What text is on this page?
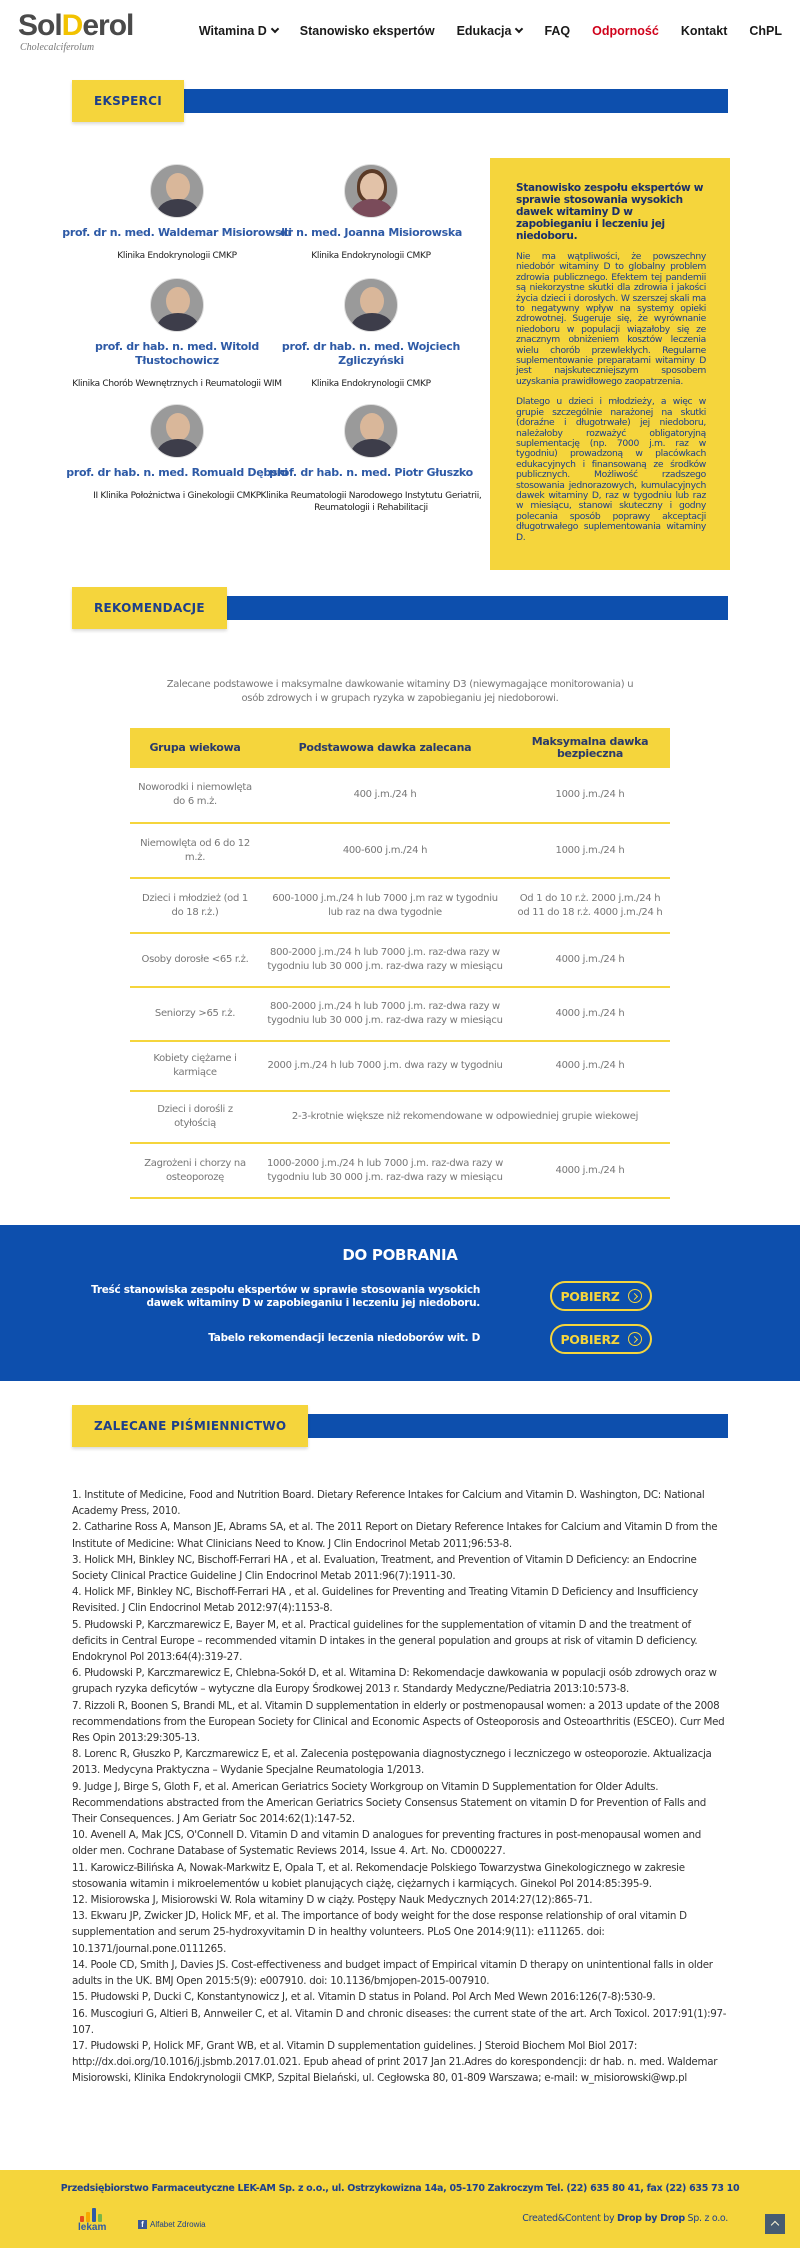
SolDerol
Cholecalciferolum
Witamina D	Stanowisko ekspertów Edukacja	FAQ Odporność Kontakt ChPL
EKSPERCI
prof. dr n. med. Waldemar Misiorowski
Klinika Endokrynologii CMKP
dr n. med. Joanna Misiorowska
Klinika Endokrynologii CMKP
prof. dr hab. n. med. Witold Tłustochowicz
Klinika Chorób Wewnętrznych i Reumatologii WIM
prof. dr hab. n. med. Wojciech Zgliczyński
Klinika Endokrynologii CMKP
prof. dr hab. n. med. Romuald Dębski
II Klinika Położnictwa i Ginekologii CMKP
prof. dr hab. n. med. Piotr Głuszko
Klinika Reumatologii Narodowego Instytutu Geriatrii, Reumatologii i Rehabilitacji
Stanowisko zespołu ekspertów w sprawie stosowania wysokich dawek witaminy D w zapobieganiu i leczeniu jej niedoboru.

Nie ma wątpliwości, że powszechny niedobór witaminy D to globalny problem zdrowia publicznego. Efektem tej pandemii są niekorzystne skutki dla zdrowia i jakości życia dzieci i dorosłych. W szerszej skali ma to negatywny wpływ na systemy opieki zdrowotnej. Sugeruje się, że wyrównanie niedoboru w populacji wiązałoby się ze znacznym obniżeniem kosztów leczenia wielu chorób przewlekłych. Regularne suplementowanie preparatami witaminy D jest najskuteczniejszym sposobem uzyskania prawidłowego zaopatrzenia.

Dlatego u dzieci i młodzieży, a więc w grupie szczególnie narażonej na skutki (doraźne i długotrwałe) jej niedoboru, należałoby rozważyć obligatoryjną suplementację (np. 7000 j.m. raz w tygodniu) prowadzoną w placówkach edukacyjnych i finansowaną ze środków publicznych. Możliwość rzadszego stosowania jednorazowych, kumulacyjnych dawek witaminy D, raz w tygodniu lub raz w miesiącu, stanowi skuteczny i godny polecania sposób poprawy akceptacji długotrwałego suplementowania witaminy D.

REKOMENDACJE
Zalecane podstawowe i maksymalne dawkowanie witaminy D3 (niewymagające monitorowania) u osób zdrowych i w grupach ryzyka w zapobieganiu jej niedoborowi.
Grupa wiekowa	Podstawowa dawka zalecana	Maksymalna dawka bezpieczna
Noworodki i niemowlęta do 6 m.ż.	400 j.m./24 h	1000 j.m./24 h
Niemowlęta od 6 do 12 m.ż.	400-600 j.m./24 h	1000 j.m./24 h
Dzieci i młodzież (od 1 do 18 r.ż.)	600-1000 j.m./24 h lub 7000 j.m raz w tygodniu lub raz na dwa tygodnie	Od 1 do 10 r.ż. 2000 j.m./24 h od 11 do 18 r.ż. 4000 j.m./24 h
Osoby dorosłe <65 r.ż.	800-2000 j.m./24 h lub 7000 j.m. raz-dwa razy w tygodniu lub 30 000 j.m. raz-dwa razy w miesiącu	4000 j.m./24 h
Seniorzy >65 r.ż.	800-2000 j.m./24 h lub 7000 j.m. raz-dwa razy w tygodniu lub 30 000 j.m. raz-dwa razy w miesiącu	4000 j.m./24 h
Kobiety ciężarne i karmiące	2000 j.m./24 h lub 7000 j.m. dwa razy w tygodniu	4000 j.m./24 h
Dzieci i dorośli z otyłością	2-3-krotnie większe niż rekomendowane w odpowiedniej grupie wiekowej	
Zagrożeni i chorzy na osteoporozę	1000-2000 j.m./24 h lub 7000 j.m. raz-dwa razy w tygodniu lub 30 000 j.m. raz-dwa razy w miesiącu	4000 j.m./24 h
DO POBRANIA
Treść stanowiska zespołu ekspertów w sprawie stosowania wysokich dawek witaminy D w zapobieganiu i leczeniu jej niedoboru.	POBIERZ
Tabelo rekomendacji leczenia niedoborów wit. D	POBIERZ
ZALECANE PIŚMIENNICTWO
1. Institute of Medicine, Food and Nutrition Board. Dietary Reference Intakes for Calcium and Vitamin D. Washington, DC: National Academy Press, 2010.
2. Catharine Ross A, Manson JE, Abrams SA, et al. The 2011 Report on Dietary Reference Intakes for Calcium and Vitamin D from the Institute of Medicine: What Clinicians Need to Know. J Clin Endocrinol Metab 2011;96:53-8.
3. Holick MH, Binkley NC, Bischoff-Ferrari HA , et al. Evaluation, Treatment, and Prevention of Vitamin D Deficiency: an Endocrine Society Clinical Practice Guideline J Clin Endocrinol Metab 2011:96(7):1911-30.
4. Holick MF, Binkley NC, Bischoff-Ferrari HA , et al. Guidelines for Preventing and Treating Vitamin D Deficiency and Insufficiency Revisited. J Clin Endocrinol Metab 2012:97(4):1153-8.
5. Płudowski P, Karczmarewicz E, Bayer M, et al. Practical guidelines for the supplementation of vitamin D and the treatment of deficits in Central Europe – recommended vitamin D intakes in the general population and groups at risk of vitamin D deficiency. Endokrynol Pol 2013:64(4):319-27.
6. Płudowski P, Karczmarewicz E, Chlebna-Sokół D, et al. Witamina D: Rekomendacje dawkowania w populacji osób zdrowych oraz w grupach ryzyka deficytów – wytyczne dla Europy Środkowej 2013 r. Standardy Medyczne/Pediatria 2013:10:573-8.
7. Rizzoli R, Boonen S, Brandi ML, et al. Vitamin D supplementation in elderly or postmenopausal women: a 2013 update of the 2008 recommendations from the European Society for Clinical and Economic Aspects of Osteoporosis and Osteoarthritis (ESCEO). Curr Med Res Opin 2013:29:305-13.
8. Lorenc R, Głuszko P, Karczmarewicz E, et al. Zalecenia postępowania diagnostycznego i leczniczego w osteoporozie. Aktualizacja 2013. Medycyna Praktyczna – Wydanie Specjalne Reumatologia 1/2013.
9. Judge J, Birge S, Gloth F, et al. American Geriatrics Society Workgroup on Vitamin D Supplementation for Older Adults. Recommendations abstracted from the American Geriatrics Society Consensus Statement on vitamin D for Prevention of Falls and Their Consequences. J Am Geriatr Soc 2014:62(1):147-52.
10. Avenell A, Mak JCS, O'Connell D. Vitamin D and vitamin D analogues for preventing fractures in post-menopausal women and older men. Cochrane Database of Systematic Reviews 2014, Issue 4. Art. No. CD000227.
11. Karowicz-Bilińska A, Nowak-Markwitz E, Opala T, et al. Rekomendacje Polskiego Towarzystwa Ginekologicznego w zakresie stosowania witamin i mikroelementów u kobiet planujących ciążę, ciężarnych i karmiących. Ginekol Pol 2014:85:395-9.
12. Misiorowska J, Misiorowski W. Rola witaminy D w ciąży. Postępy Nauk Medycznych 2014:27(12):865-71.
13. Ekwaru JP, Zwicker JD, Holick MF, et al. The importance of body weight for the dose response relationship of oral vitamin D supplementation and serum 25-hydroxyvitamin D in healthy volunteers. PLoS One 2014:9(11): e111265. doi: 10.1371/journal.pone.0111265.
14. Poole CD, Smith J, Davies JS. Cost-effectiveness and budget impact of Empirical vitamin D therapy on unintentional falls in older adults in the UK. BMJ Open 2015:5(9): e007910. doi: 10.1136/bmjopen-2015-007910.
15. Płudowski P, Ducki C, Konstantynowicz J, et al. Vitamin D status in Poland. Pol Arch Med Wewn 2016:126(7-8):530-9.
16. Muscogiuri G, Altieri B, Annweiler C, et al. Vitamin D and chronic diseases: the current state of the art. Arch Toxicol. 2017:91(1):97-107.
17. Płudowski P, Holick MF, Grant WB, et al. Vitamin D supplementation guidelines. J Steroid Biochem Mol Biol 2017: http://dx.doi.org/10.1016/j.jsbmb.2017.01.021. Epub ahead of print 2017 Jan 21.Adres do korespondencji: dr hab. n. med. Waldemar Misiorowski, Klinika Endokrynologii CMKP, Szpital Bielański, ul. Cegłowska 80, 01-809 Warszawa; e-mail: w_misiorowski@wp.pl
Przedsiębiorstwo Farmaceutyczne LEK-AM Sp. z o.o., ul. Ostrzykowizna 14a, 05-170 Zakroczym Tel. (22) 635 80 41, fax (22) 635 73 10
lekam	f Alfabet Zdrowia
Created&Content by Drop by Drop Sp. z o.o.
